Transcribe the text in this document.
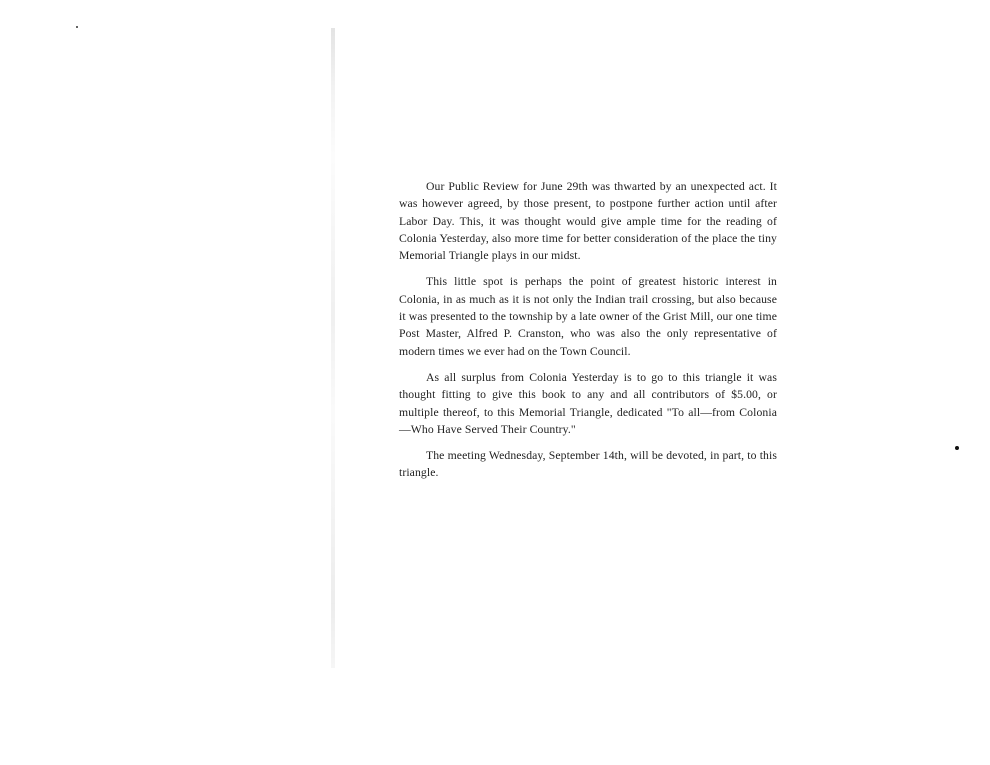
Our Public Review for June 29th was thwarted by an unexpected act. It was however agreed, by those present, to postpone further action until after Labor Day. This, it was thought would give ample time for the reading of Colonia Yesterday, also more time for better consideration of the place the tiny Memorial Triangle plays in our midst.

This little spot is perhaps the point of greatest historic interest in Colonia, in as much as it is not only the Indian trail crossing, but also because it was presented to the township by a late owner of the Grist Mill, our one time Post Master, Alfred P. Cranston, who was also the only representative of modern times we ever had on the Town Council.

As all surplus from Colonia Yesterday is to go to this triangle it was thought fitting to give this book to any and all contributors of $5.00, or multiple thereof, to this Memorial Triangle, dedicated "To all—from Colonia—Who Have Served Their Country."

The meeting Wednesday, September 14th, will be devoted, in part, to this triangle.
